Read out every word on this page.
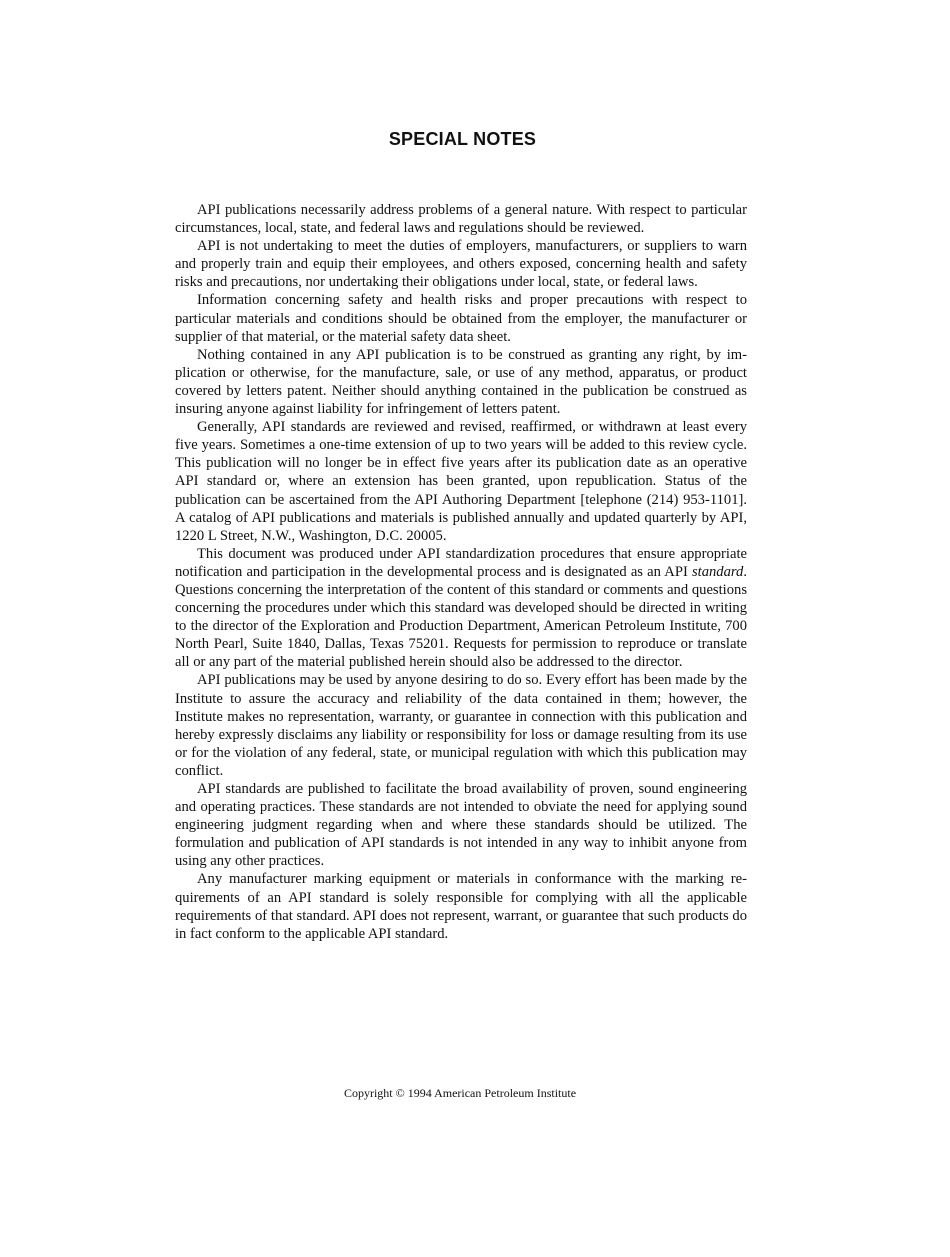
SPECIAL NOTES

API publications necessarily address problems of a general nature. With respect to particular circumstances, local, state, and federal laws and regulations should be reviewed.

API is not undertaking to meet the duties of employers, manufacturers, or suppliers to warn and properly train and equip their employees, and others exposed, concerning health and safety risks and precautions, nor undertaking their obligations under local, state, or federal laws.

Information concerning safety and health risks and proper precautions with respect to particular materials and conditions should be obtained from the employer, the manufacturer or supplier of that material, or the material safety data sheet.

Nothing contained in any API publication is to be construed as granting any right, by implication or otherwise, for the manufacture, sale, or use of any method, apparatus, or product covered by letters patent. Neither should anything contained in the publication be construed as insuring anyone against liability for infringement of letters patent.

Generally, API standards are reviewed and revised, reaffirmed, or withdrawn at least every five years. Sometimes a one-time extension of up to two years will be added to this review cycle. This publication will no longer be in effect five years after its publication date as an operative API standard or, where an extension has been granted, upon republication. Status of the publication can be ascertained from the API Authoring Department [telephone (214) 953-1101]. A catalog of API publications and materials is published annually and updated quarterly by API, 1220 L Street, N.W., Washington, D.C. 20005.

This document was produced under API standardization procedures that ensure appropriate notification and participation in the developmental process and is designated as an API standard. Questions concerning the interpretation of the content of this standard or comments and questions concerning the procedures under which this standard was developed should be directed in writing to the director of the Exploration and Production Department, American Petroleum Institute, 700 North Pearl, Suite 1840, Dallas, Texas 75201. Requests for permission to reproduce or translate all or any part of the material published herein should also be addressed to the director.

API publications may be used by anyone desiring to do so. Every effort has been made by the Institute to assure the accuracy and reliability of the data contained in them; however, the Institute makes no representation, warranty, or guarantee in connection with this publication and hereby expressly disclaims any liability or responsibility for loss or damage resulting from its use or for the violation of any federal, state, or municipal regulation with which this publication may conflict.

API standards are published to facilitate the broad availability of proven, sound engineering and operating practices. These standards are not intended to obviate the need for applying sound engineering judgment regarding when and where these standards should be utilized. The formulation and publication of API standards is not intended in any way to inhibit anyone from using any other practices.

Any manufacturer marking equipment or materials in conformance with the marking requirements of an API standard is solely responsible for complying with all the applicable requirements of that standard. API does not represent, warrant, or guarantee that such products do in fact conform to the applicable API standard.

Copyright © 1994 American Petroleum Institute
